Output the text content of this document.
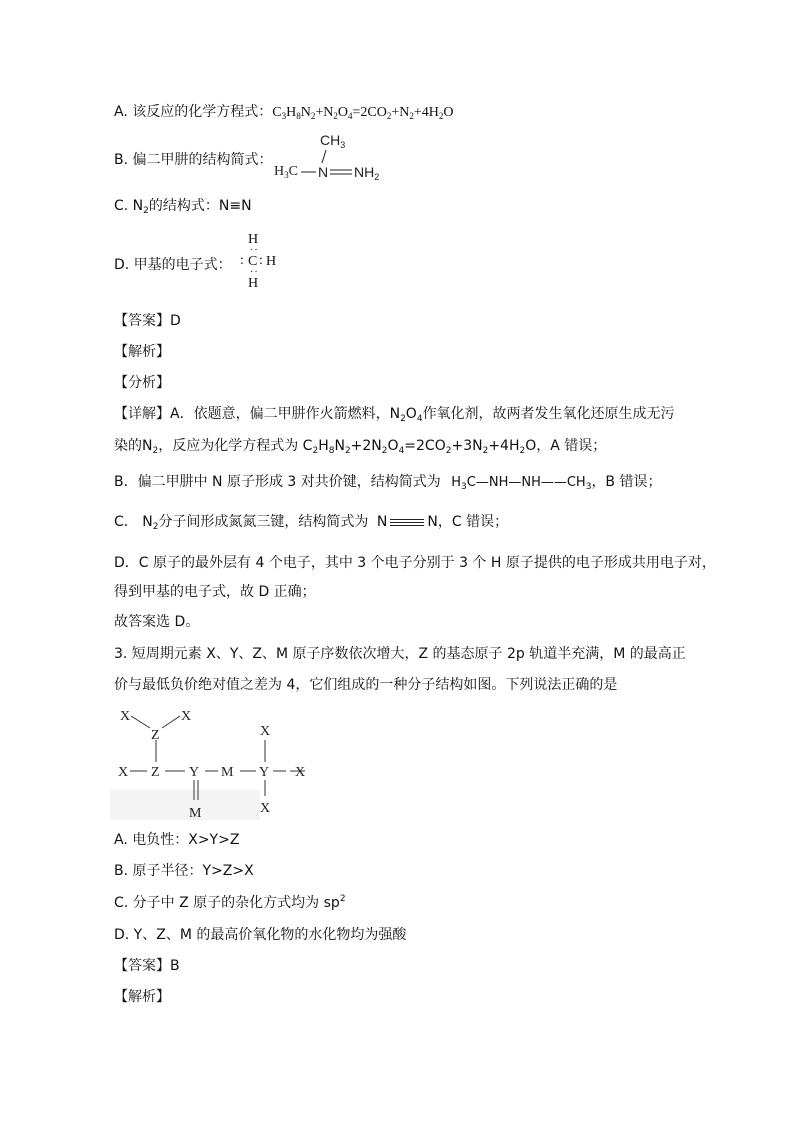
A. 该反应的化学方程式：$C_3H_8N_2+N_2O_4=2CO_2+N_2+4H_2O$
B. 偏二甲肼的结构简式：
$CH_3$
$H_3C$ N $NH_2$
C. $N_2$的结构式：N≡N
D. 甲基的电子式：
H
··
: C : H
··
H
【答案】D
【解析】
【分析】
【详解】A．依题意，偏二甲肼作火箭燃料，$N_2O_4$作氧化剂，故两者发生氧化还原生成无污
染的$N_2$，反应为化学方程式为 $C_2H_8N_2+2N_2O_4=2CO_2+3N_2+4H_2O$，A 错误；
B．偏二甲肼中 N 原子形成 3 对共价键，结构简式为 $H_3C—NH—NH——CH_3$，B 错误；
C． $N_2$分子间形成氮氮三键，结构简式为 N	N，C 错误；
D．C 原子的最外层有 4 个电子，其中 3 个电子分别于 3 个 H 原子提供的电子形成共用电子对，
得到甲基的电子式，故 D 正确；
故答案选 D。
3. 短周期元素 X、Y、Z、M 原子序数依次增大，Z 的基态原子 2p 轨道半充满，M 的最高正
价与最低负价绝对值之差为 4，它们组成的一种分子结构如图。下列说法正确的是
X	X
Z
X Z Y M
M
X
Y X
X
A. 电负性：X>Y>Z
B. 原子半径：Y>Z>X
C. 分子中 Z 原子的杂化方式均为 $sp^2$
D. Y、Z、M 的最高价氧化物的水化物均为强酸
【答案】B
【解析】
